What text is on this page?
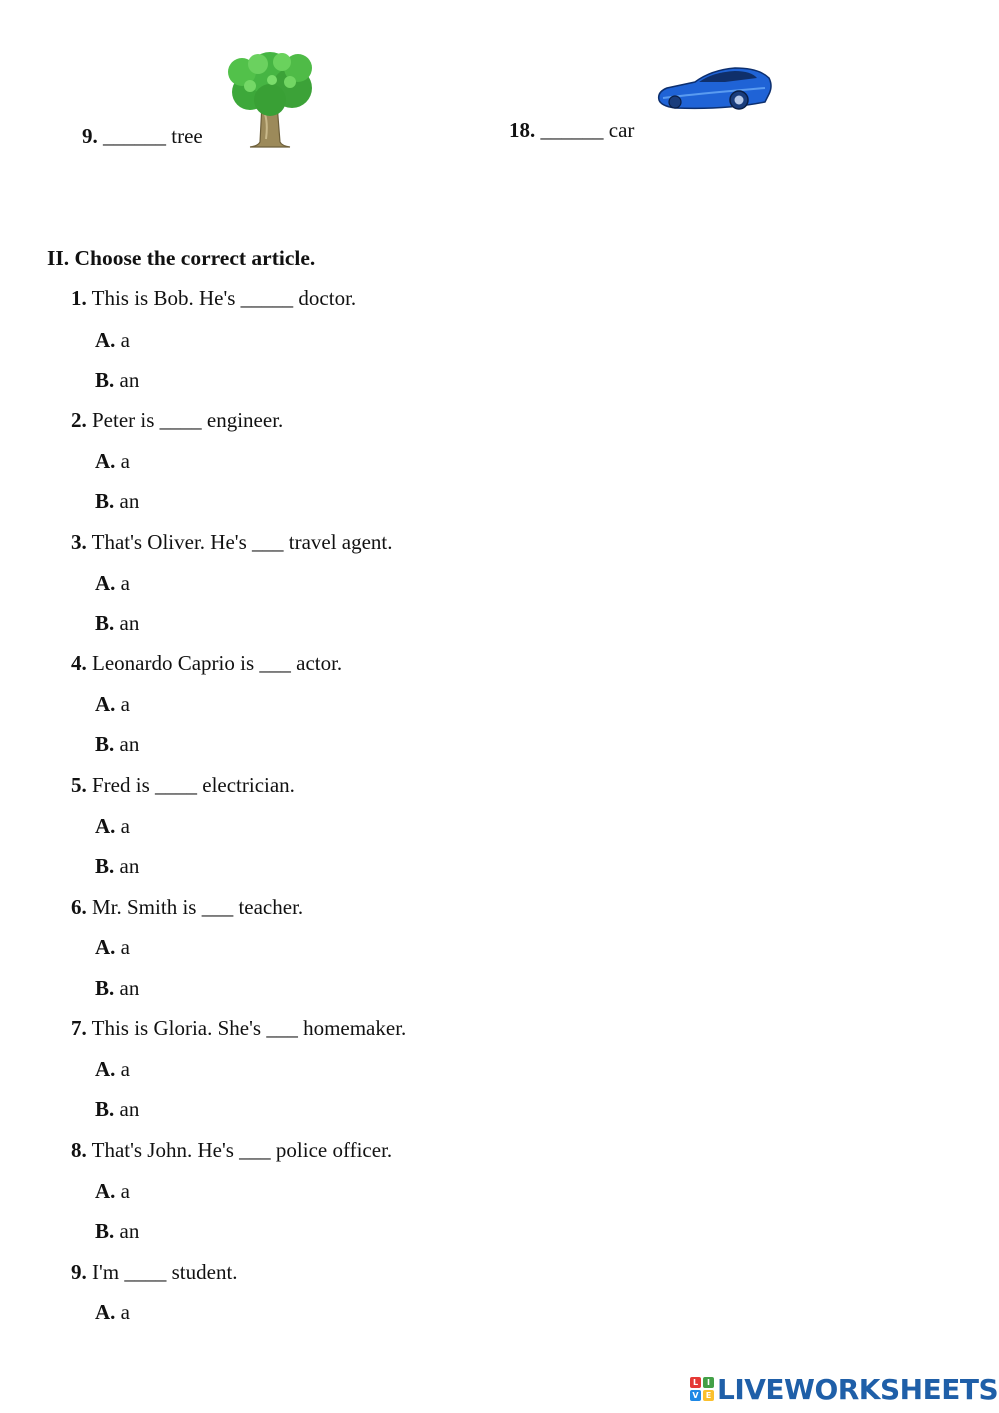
9. ______ tree	18. ______ car
II. Choose the correct article.
1. This is Bob. He's _____ doctor.
A. a
B. an
2. Peter is ____ engineer.
A. a
B. an
3. That's Oliver. He's ___ travel agent.
A. a
B. an
4. Leonardo Caprio is ___ actor.
A. a
B. an
5. Fred is ____ electrician.
A. a
B. an
6. Mr. Smith is ___ teacher.
A. a
B. an
7. This is Gloria. She's ___ homemaker.
A. a
B. an
8. That's John. He's ___ police officer.
A. a
B. an
9. I'm ____ student.
A. a
L	I
V E LIVEWORKSHEETS
